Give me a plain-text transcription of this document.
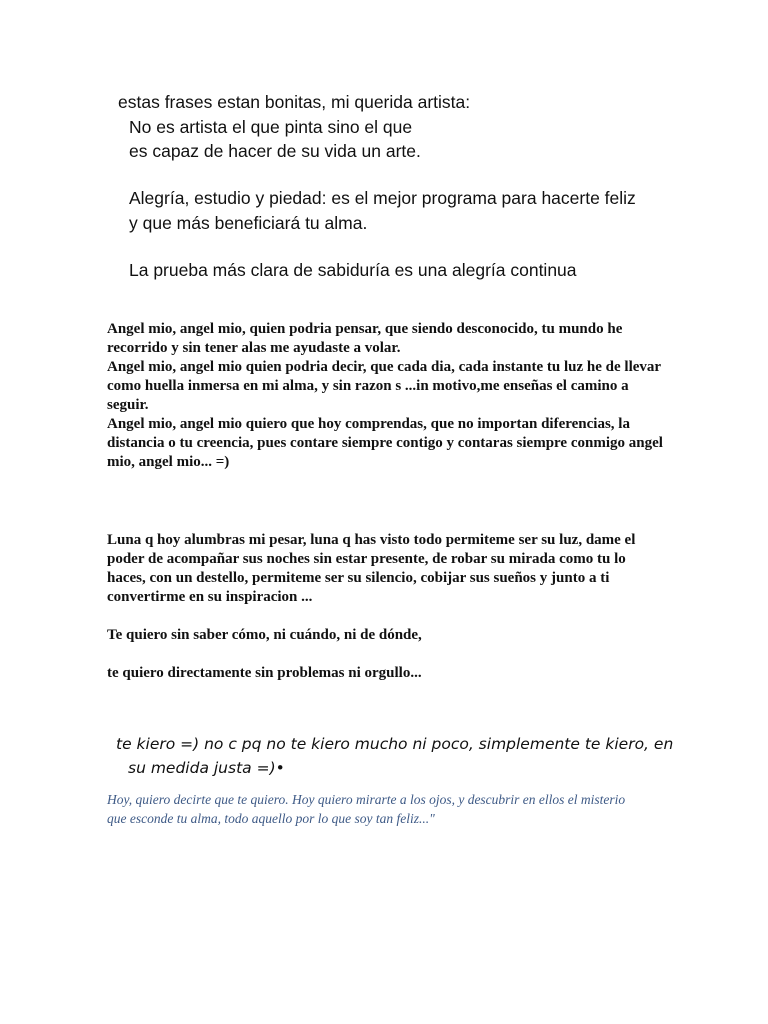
estas frases estan bonitas, mi querida artista:
No es artista el que pinta sino el que
es capaz de hacer de su vida un arte.
Alegría, estudio y piedad: es el mejor programa para hacerte feliz
y que más beneficiará tu alma.
La prueba más clara de sabiduría es una alegría continua

Angel mio, angel mio, quien podria pensar, que siendo desconocido, tu mundo he recorrido y sin tener alas me ayudaste a volar.

Angel mio, angel mio quien podria decir, que cada dia, cada instante tu luz he de llevar como huella inmersa en mi alma, y sin razon s ...in motivo,me enseñas el camino a seguir.

Angel mio, angel mio quiero que hoy comprendas, que no importan diferencias, la distancia o tu creencia, pues contare siempre contigo y contaras siempre conmigo angel mio, angel mio... =)

Luna q hoy alumbras mi pesar, luna q has visto todo permiteme ser su luz, dame el poder de acompañar sus noches sin estar presente, de robar su mirada como tu lo haces, con un destello, permiteme ser su silencio, cobijar sus sueños y junto a ti convertirme en su inspiracion ...

Te quiero sin saber cómo, ni cuándo, ni de dónde,

te quiero directamente sin problemas ni orgullo...

te kiero =) no c pq no te kiero mucho ni poco, simplemente te kiero, en
su medida justa =)•
Hoy, quiero decirte que te quiero. Hoy quiero mirarte a los ojos, y descubrir en ellos el misterio
que esconde tu alma, todo aquello por lo que soy tan feliz..."
